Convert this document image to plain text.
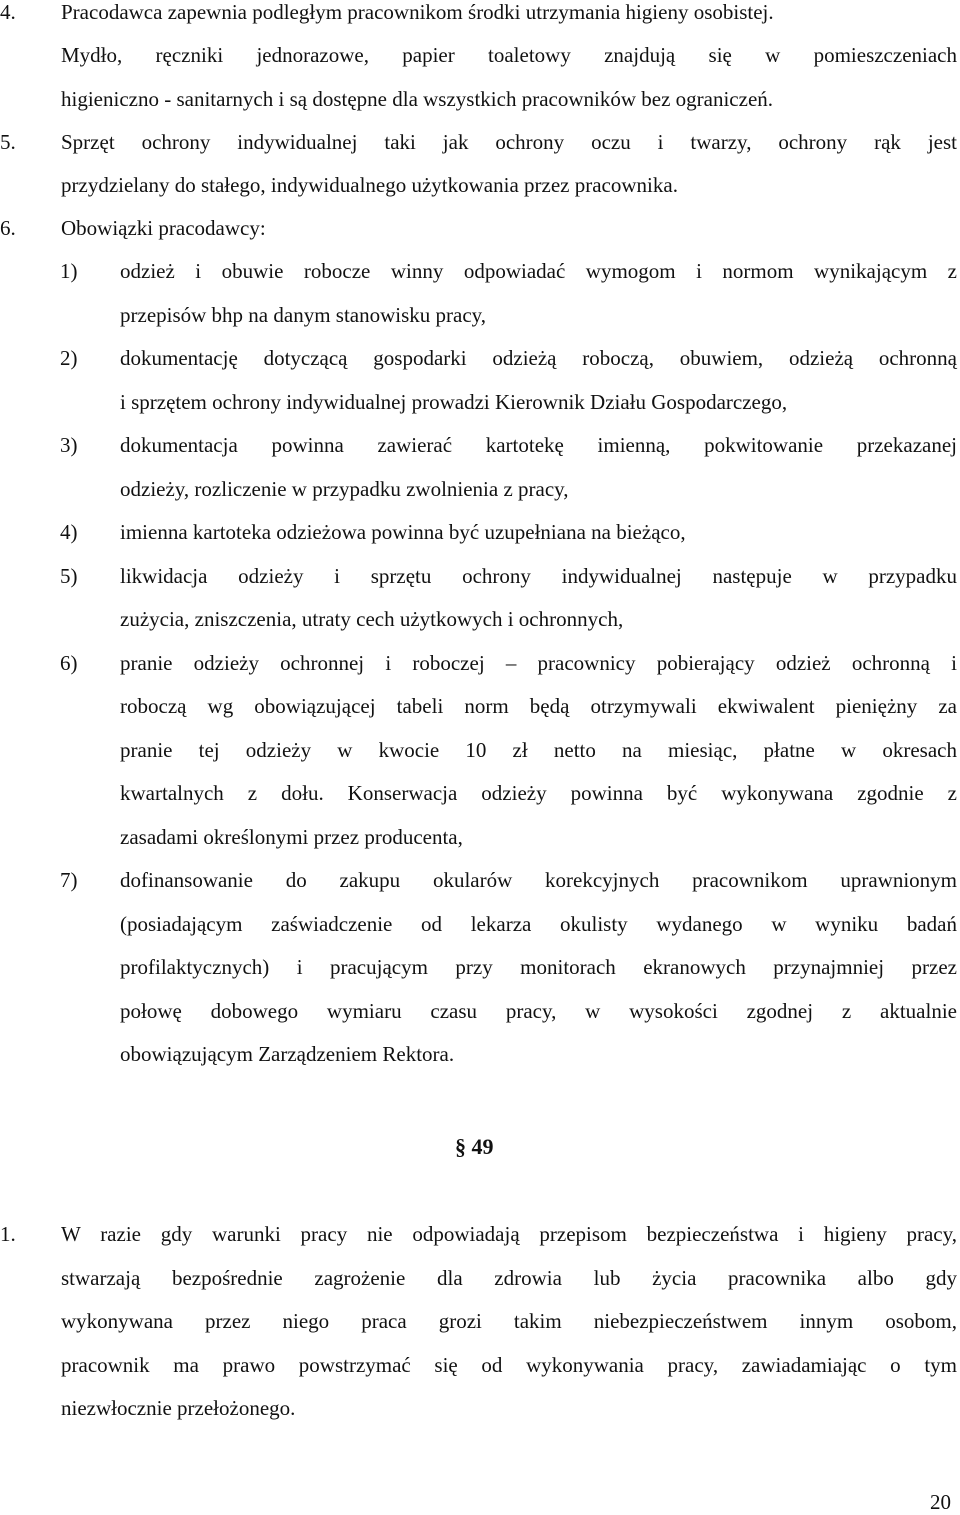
4. Pracodawca zapewnia podległym pracownikom środki utrzymania higieny osobistej.
Mydło, ręczniki jednorazowe, papier toaletowy znajdują się w pomieszczeniach
higieniczno - sanitarnych i są dostępne dla wszystkich pracowników bez ograniczeń.
5. Sprzęt ochrony indywidualnej taki jak ochrony oczu i twarzy, ochrony rąk jest
przydzielany do stałego, indywidualnego użytkowania przez pracownika.
6. Obowiązki pracodawcy:
1) odzież i obuwie robocze winny odpowiadać wymogom i normom wynikającym z
przepisów bhp na danym stanowisku pracy,
2) dokumentację dotyczącą gospodarki odzieżą roboczą, obuwiem, odzieżą ochronną
i sprzętem ochrony indywidualnej prowadzi Kierownik Działu Gospodarczego,
3) dokumentacja powinna zawierać kartotekę imienną, pokwitowanie przekazanej
odzieży, rozliczenie w przypadku zwolnienia z pracy,
4) imienna kartoteka odzieżowa powinna być uzupełniana na bieżąco,
5) likwidacja odzieży i sprzętu ochrony indywidualnej następuje w przypadku
zużycia, zniszczenia, utraty cech użytkowych i ochronnych,
6) pranie odzieży ochronnej i roboczej – pracownicy pobierający odzież ochronną i
roboczą wg obowiązującej tabeli norm będą otrzymywali ekwiwalent pieniężny za
pranie tej odzieży w kwocie 10 zł netto na miesiąc, płatne w okresach
kwartalnych z dołu. Konserwacja odzieży powinna być wykonywana zgodnie z
zasadami określonymi przez producenta,
7) dofinansowanie do zakupu okularów korekcyjnych pracownikom uprawnionym
(posiadającym zaświadczenie od lekarza okulisty wydanego w wyniku badań
profilaktycznych) i pracującym przy monitorach ekranowych przynajmniej przez
połowę dobowego wymiaru czasu pracy, w wysokości zgodnej z aktualnie
obowiązującym Zarządzeniem Rektora.
§ 49
1. W razie gdy warunki pracy nie odpowiadają przepisom bezpieczeństwa i higieny pracy,
stwarzają bezpośrednie zagrożenie dla zdrowia lub życia pracownika albo gdy
wykonywana przez niego praca grozi takim niebezpieczeństwem innym osobom,
pracownik ma prawo powstrzymać się od wykonywania pracy, zawiadamiając o tym
niezwłocznie przełożonego.
20
